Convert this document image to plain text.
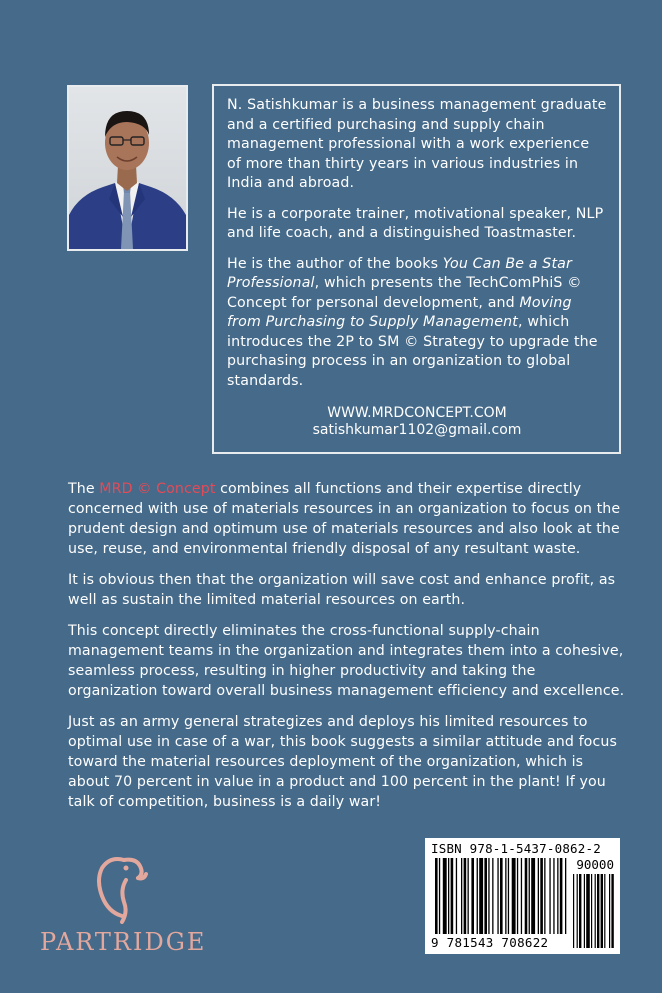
N. Satishkumar is a business management graduate and a certified purchasing and supply chain management professional with a work experience of more than thirty years in various industries in India and abroad.

He is a corporate trainer, motivational speaker, NLP and life coach, and a distinguished Toastmaster.

He is the author of the books You Can Be a Star Professional, which presents the TechComPhiS © Concept for personal development, and Moving from Purchasing to Supply Management, which introduces the 2P to SM © Strategy to upgrade the purchasing process in an organization to global standards.

WWW.MRDCONCEPT.COM
satishkumar1102@gmail.com

The MRD © Concept combines all functions and their expertise directly concerned with use of materials resources in an organization to focus on the prudent design and optimum use of materials resources and also look at the use, reuse, and environmental friendly disposal of any resultant waste.

It is obvious then that the organization will save cost and enhance profit, as well as sustain the limited material resources on earth.

This concept directly eliminates the cross-functional supply-chain management teams in the organization and integrates them into a cohesive, seamless process, resulting in higher productivity and taking the organization toward overall business management efficiency and excellence.

Just as an army general strategizes and deploys his limited resources to optimal use in case of a war, this book suggests a similar attitude and focus toward the material resources deployment of the organization, which is about 70 percent in value in a product and 100 percent in the plant! If you talk of competition, business is a daily war!

PARTRIDGE
ISBN 978-1-5437-0862-2
90000
9 781543 708622
